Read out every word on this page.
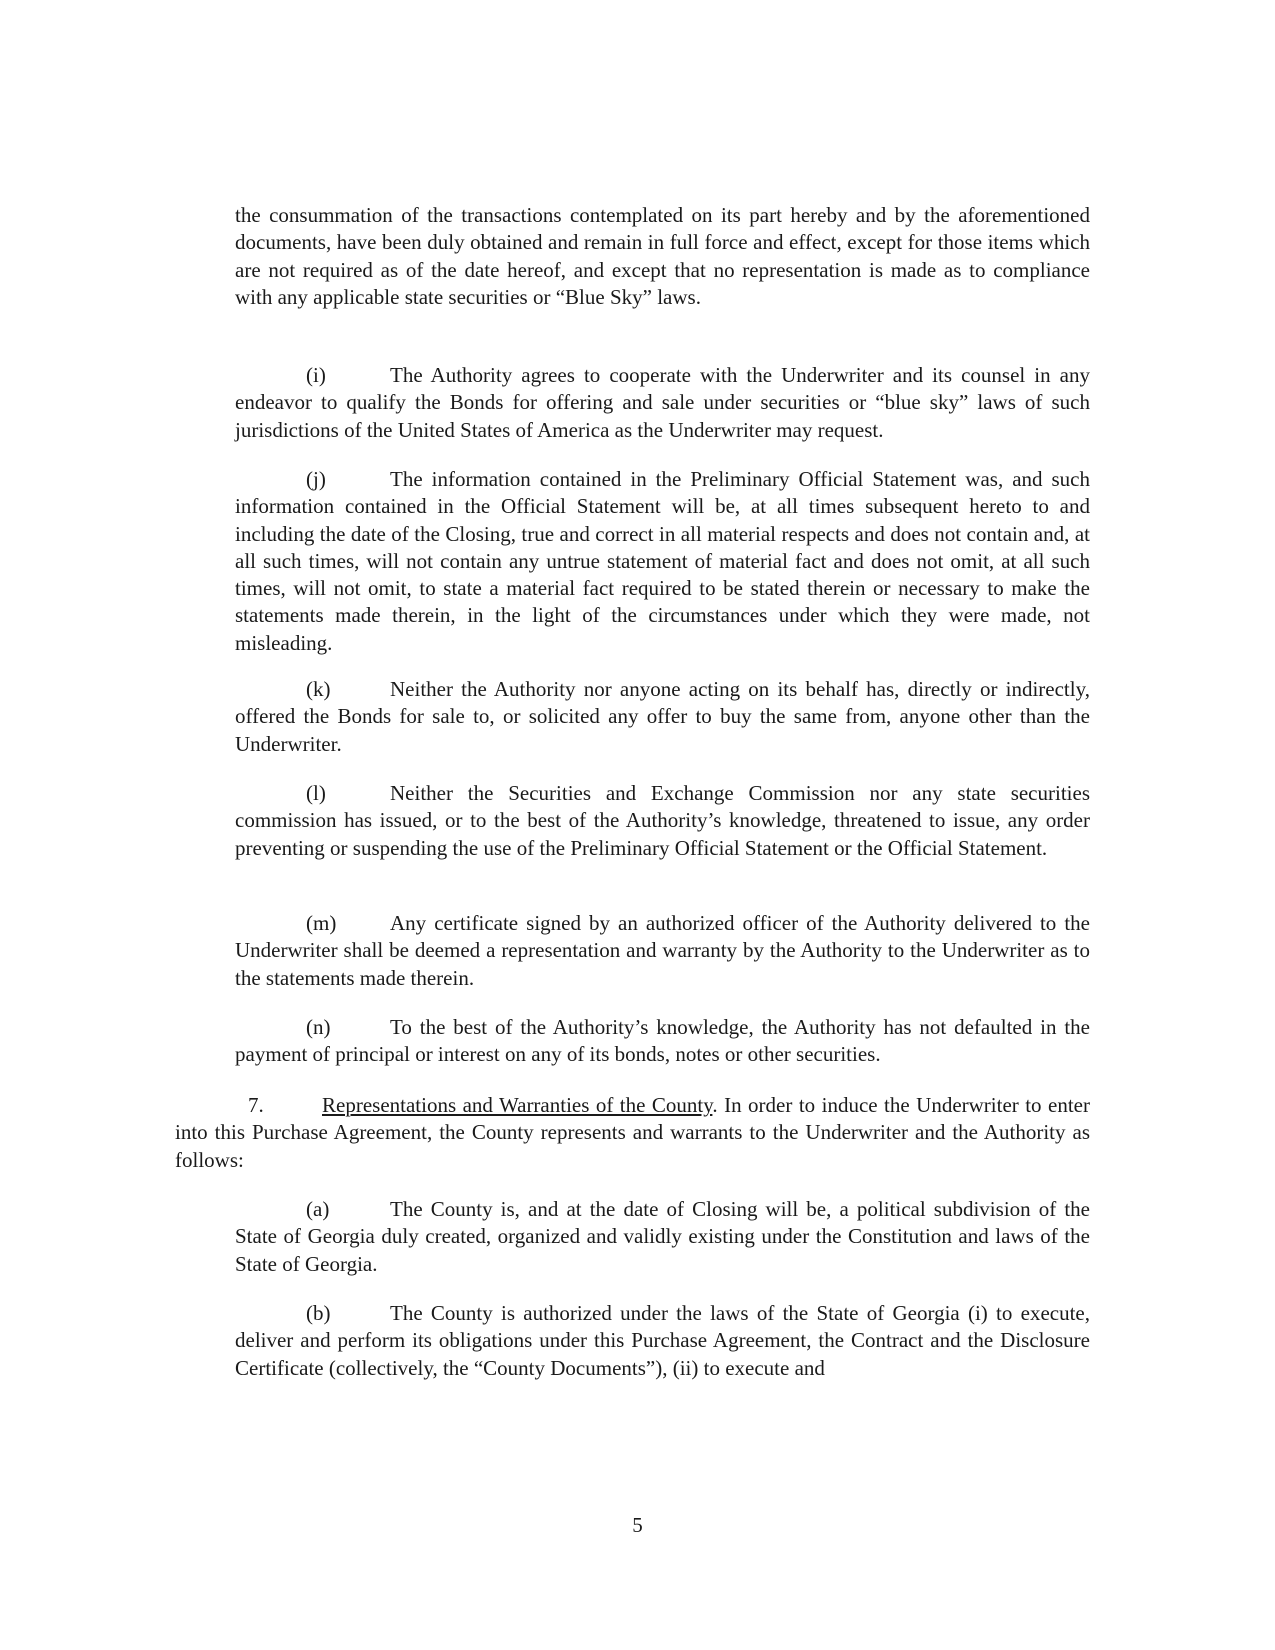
the consummation of the transactions contemplated on its part hereby and by the aforementioned documents, have been duly obtained and remain in full force and effect, except for those items which are not required as of the date hereof, and except that no representation is made as to compliance with any applicable state securities or “Blue Sky” laws.

(i)	The Authority agrees to cooperate with the Underwriter and its counsel in any endeavor to qualify the Bonds for offering and sale under securities or “blue sky” laws of such jurisdictions of the United States of America as the Underwriter may request.

(j)	The information contained in the Preliminary Official Statement was, and such information contained in the Official Statement will be, at all times subsequent hereto to and including the date of the Closing, true and correct in all material respects and does not contain and, at all such times, will not contain any untrue statement of material fact and does not omit, at all such times, will not omit, to state a material fact required to be stated therein or necessary to make the statements made therein, in the light of the circumstances under which they were made, not misleading.

(k)	Neither the Authority nor anyone acting on its behalf has, directly or indirectly, offered the Bonds for sale to, or solicited any offer to buy the same from, anyone other than the Underwriter.

(l)	Neither the Securities and Exchange Commission nor any state securities commission has issued, or to the best of the Authority’s knowledge, threatened to issue, any order preventing or suspending the use of the Preliminary Official Statement or the Official Statement.

(m)	Any certificate signed by an authorized officer of the Authority delivered to the Underwriter shall be deemed a representation and warranty by the Authority to the Underwriter as to the statements made therein.

(n)	To the best of the Authority’s knowledge, the Authority has not defaulted in the payment of principal or interest on any of its bonds, notes or other securities.

7.	Representations and Warranties of the County. In order to induce the Underwriter to enter into this Purchase Agreement, the County represents and warrants to the Underwriter and the Authority as follows:

(a)	The County is, and at the date of Closing will be, a political subdivision of the State of Georgia duly created, organized and validly existing under the Constitution and laws of the State of Georgia.

(b)	The County is authorized under the laws of the State of Georgia (i) to execute, deliver and perform its obligations under this Purchase Agreement, the Contract and the Disclosure Certificate (collectively, the “County Documents”), (ii) to execute and

5
